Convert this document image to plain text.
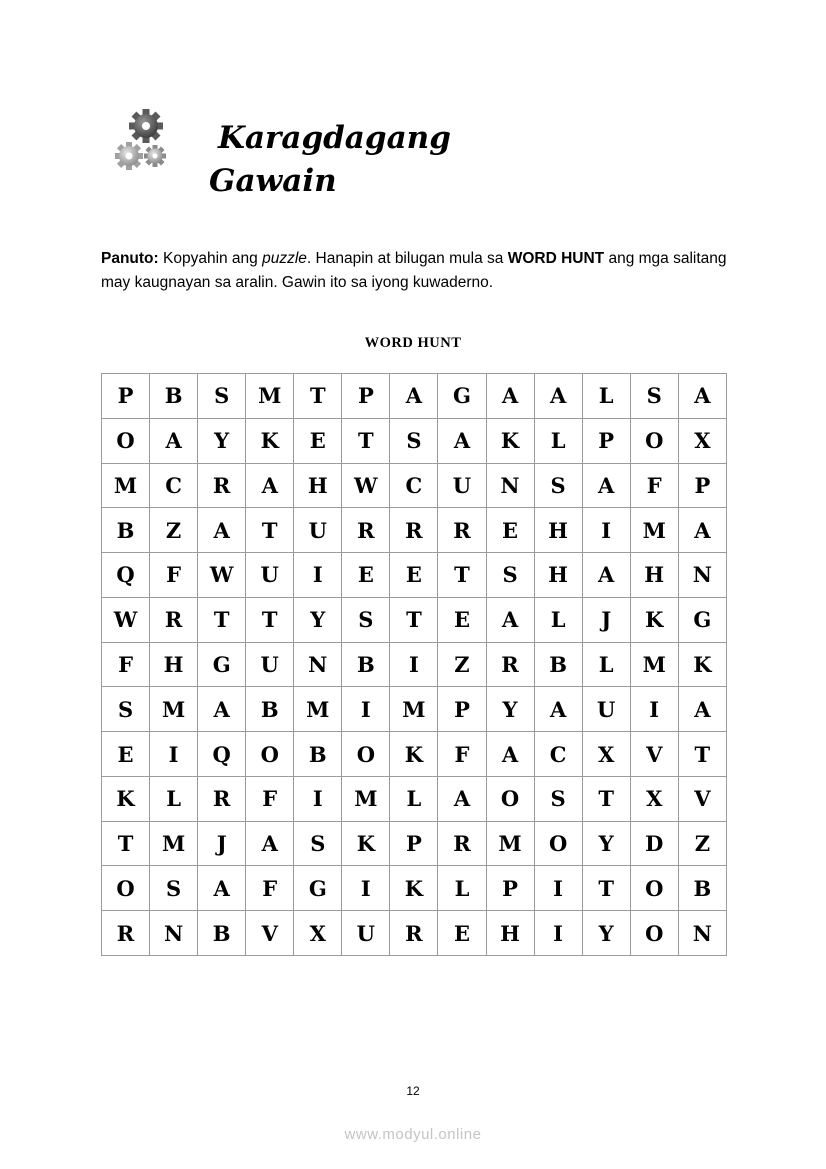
Karagdagang
Gawain

Panuto: Kopyahin ang puzzle. Hanapin at bilugan mula sa WORD HUNT ang mga salitang may kaugnayan sa aralin. Gawin ito sa iyong kuwaderno.

WORD HUNT
P	B	S	M	T	P	A	G	A	A	L	S	A
O	A	Y	K	E	T	S	A	K	L	P	O	X
M	C	R	A	H	W	C	U	N	S	A	F	P
B	Z	A	T	U	R	R	R	E	H	I	M	A
Q	F	W	U	I	E	E	T	S	H	A	H	N
W	R	T	T	Y	S	T	E	A	L	J	K	G
F	H	G	U	N	B	I	Z	R	B	L	M	K
S	M	A	B	M	I	M	P	Y	A	U	I	A
E	I	Q	O	B	O	K	F	A	C	X	V	T
K	L	R	F	I	M	L	A	O	S	T	X	V
T	M	J	A	S	K	P	R	M	O	Y	D	Z
O	S	A	F	G	I	K	L	P	I	T	O	B
R	N	B	V	X	U	R	E	H	I	Y	O	N
12
www.modyul.online
